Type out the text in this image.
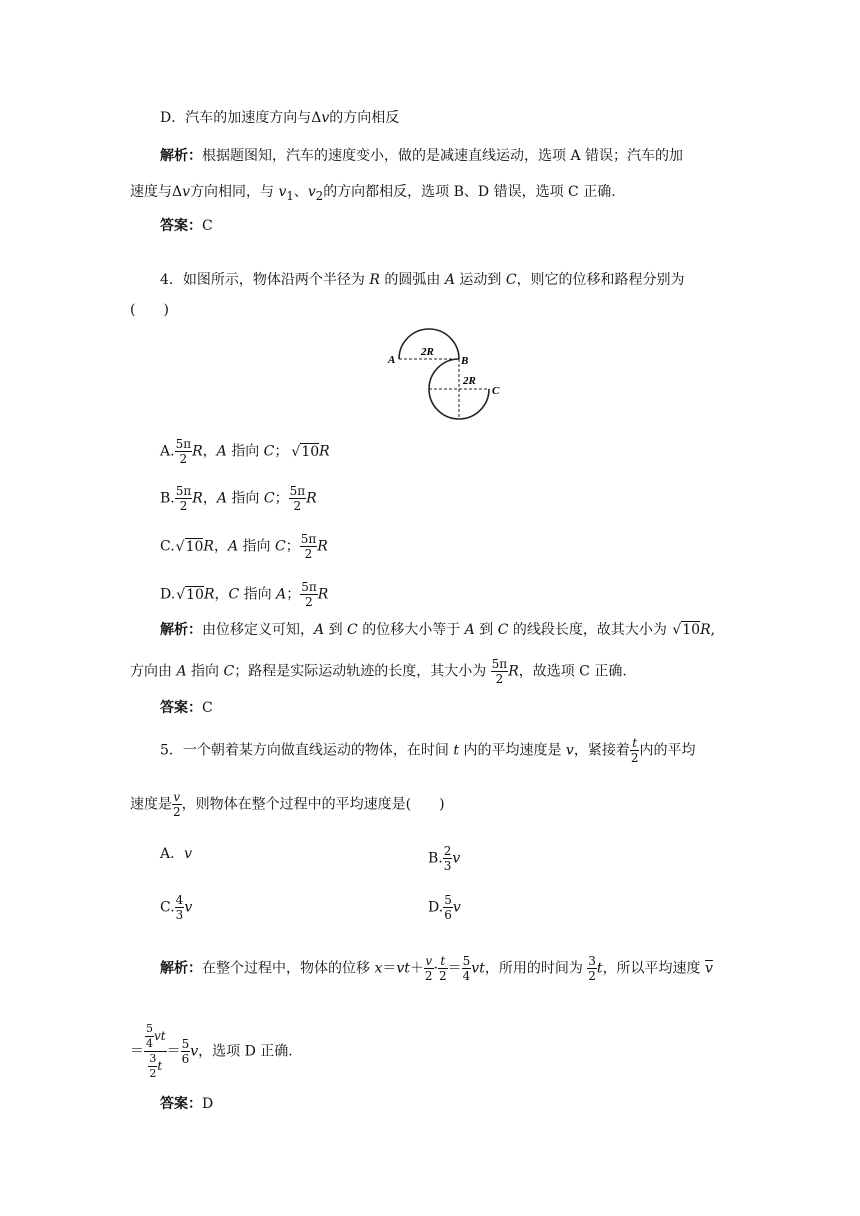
D．汽车的加速度方向与Δv的方向相反
解析：根据题图知，汽车的速度变小，做的是减速直线运动，选项 A 错误；汽车的加
速度与Δv方向相同，与 $v_1$、$v_2$的方向都相反，选项 B、D 错误，选项 C 正确.
答案：C
4．如图所示，物体沿两个半径为 R 的圆弧由 A 运动到 C，则它的位移和路程分别为
(　　)
A	B
C
2R
2R
A. $\frac{5\pi}{2}$ R，A 指向 C； √ 10R
B. $\frac{5\pi}{2}$ R，A 指向 C； $\frac{5\pi}{2}$ R
C. √ 10R，A 指向 C； $\frac{5\pi}{2}$ R
D. √ 10R，C 指向 A； $\frac{5\pi}{2}$ R
解析：由位移定义可知，A 到 C 的位移大小等于 A 到 C 的线段长度，故其大小为 √ 10R,
方向由 A 指向 C；路程是实际运动轨迹的长度，其大小为 $\frac{5\pi}{2}$ R，故选项 C 正确.
答案：C
5．一个朝着某方向做直线运动的物体，在时间 t 内的平均速度是 v，紧接着 $\frac{t}{2}$ 内的平均
速度是 $\frac{v}{2}$ ，则物体在整个过程中的平均速度是(　　)
A．v	B. $\frac{2}{3}$ v
C. $\frac{4}{3}$ v	D. $\frac{5}{6}$ v
解析：在整个过程中，物体的位移 $x=vt+ \frac{v}{2} \cdot \frac{t}{2} = \frac{5}{4}$ vt，所用的时间为 $\frac{3}{2}$ t，所以平均速度 $\overline{v}$
＝ $\frac{\frac{5}{4} vt}{\frac{3}{2} t} = \frac{5}{6}$ v，选项 D 正确.
答案：D
